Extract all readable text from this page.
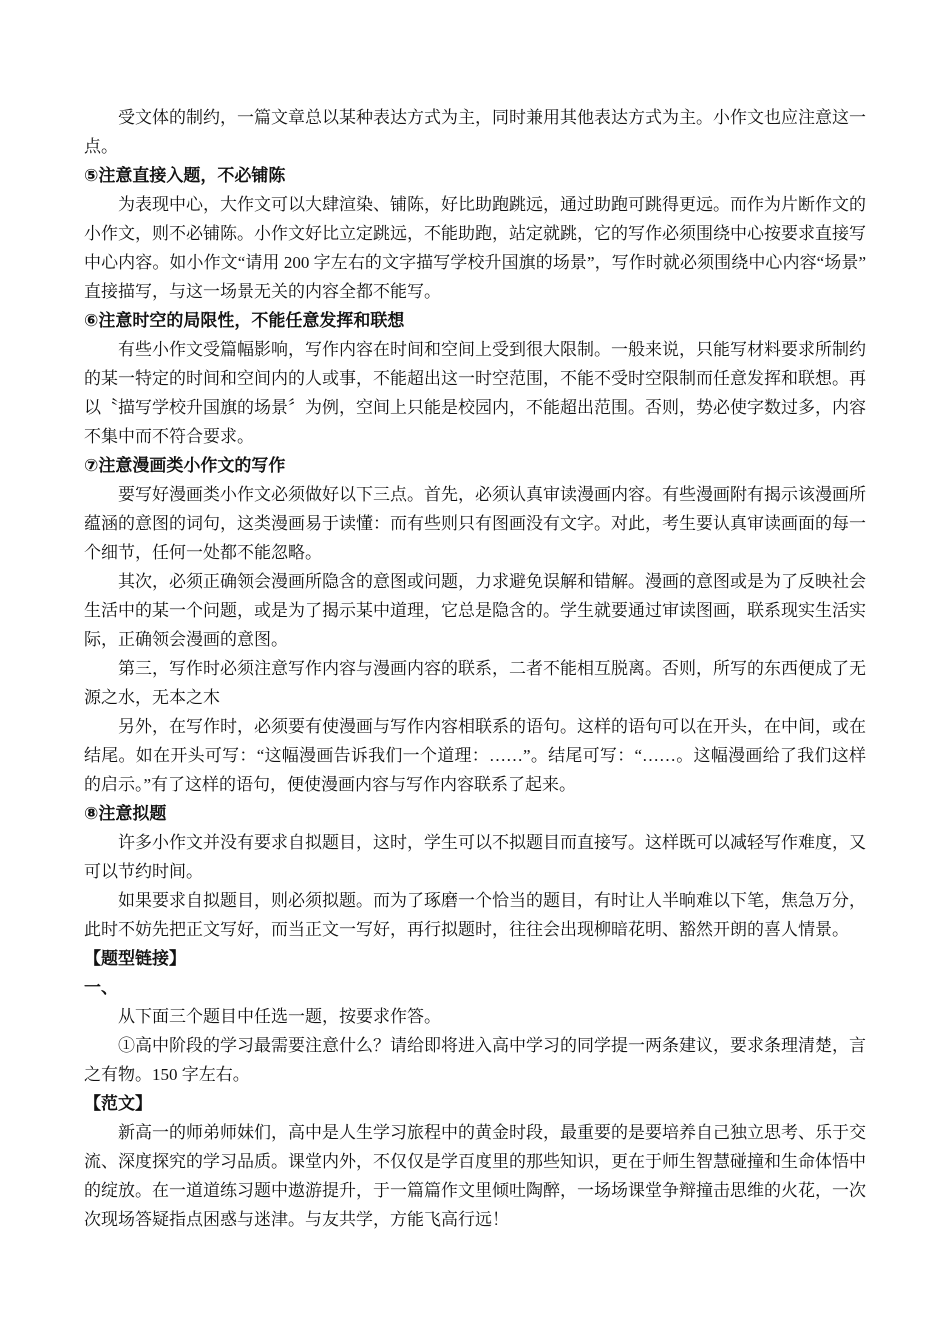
受文体的制约，一篇文章总以某种表达方式为主，同时兼用其他表达方式为主。小作文也应注意这一点。

⑤注意直接入题，不必铺陈

为表现中心，大作文可以大肆渲染、铺陈，好比助跑跳远，通过助跑可跳得更远。而作为片断作文的小作文，则不必铺陈。小作文好比立定跳远，不能助跑，站定就跳，它的写作必须围绕中心按要求直接写中心内容。如小作文“请用 200 字左右的文字描写学校升国旗的场景”，写作时就必须围绕中心内容“场景”直接描写，与这一场景无关的内容全都不能写。

⑥注意时空的局限性，不能任意发挥和联想

有些小作文受篇幅影响，写作内容在时间和空间上受到很大限制。一般来说，只能写材料要求所制约的某一特定的时间和空间内的人或事，不能超出这一时空范围，不能不受时空限制而任意发挥和联想。再以〝描写学校升国旗的场景〞为例，空间上只能是校园内，不能超出范围。否则，势必使字数过多，内容不集中而不符合要求。

⑦注意漫画类小作文的写作

要写好漫画类小作文必须做好以下三点。首先，必须认真审读漫画内容。有些漫画附有揭示该漫画所蕴涵的意图的词句，这类漫画易于读懂：而有些则只有图画没有文字。对此，考生要认真审读画面的每一个细节，任何一处都不能忽略。

其次，必须正确领会漫画所隐含的意图或问题，力求避免误解和错解。漫画的意图或是为了反映社会生活中的某一个问题，或是为了揭示某中道理，它总是隐含的。学生就要通过审读图画，联系现实生活实际，正确领会漫画的意图。

第三，写作时必须注意写作内容与漫画内容的联系，二者不能相互脱离。否则，所写的东西便成了无源之水，无本之木

另外，在写作时，必须要有使漫画与写作内容相联系的语句。这样的语句可以在开头，在中间，或在结尾。如在开头可写：“这幅漫画告诉我们一个道理：……”。结尾可写：“……。这幅漫画给了我们这样的启示。”有了这样的语句，便使漫画内容与写作内容联系了起来。

⑧注意拟题

许多小作文并没有要求自拟题目，这时，学生可以不拟题目而直接写。这样既可以减轻写作难度，又可以节约时间。

如果要求自拟题目，则必须拟题。而为了琢磨一个恰当的题目，有时让人半晌难以下笔，焦急万分，此时不妨先把正文写好，而当正文一写好，再行拟题时，往往会出现柳暗花明、豁然开朗的喜人情景。

【题型链接】

一、

从下面三个题目中任选一题，按要求作答。

①高中阶段的学习最需要注意什么？请给即将进入高中学习的同学提一两条建议，要求条理清楚，言之有物。150 字左右。

【范文】

新高一的师弟师妹们，高中是人生学习旅程中的黄金时段，最重要的是要培养自己独立思考、乐于交流、深度探究的学习品质。课堂内外，不仅仅是学百度里的那些知识，更在于师生智慧碰撞和生命体悟中的绽放。在一道道练习题中遨游提升，于一篇篇作文里倾吐陶醉，一场场课堂争辩撞击思维的火花，一次次现场答疑指点困惑与迷津。与友共学，方能飞高行远！
